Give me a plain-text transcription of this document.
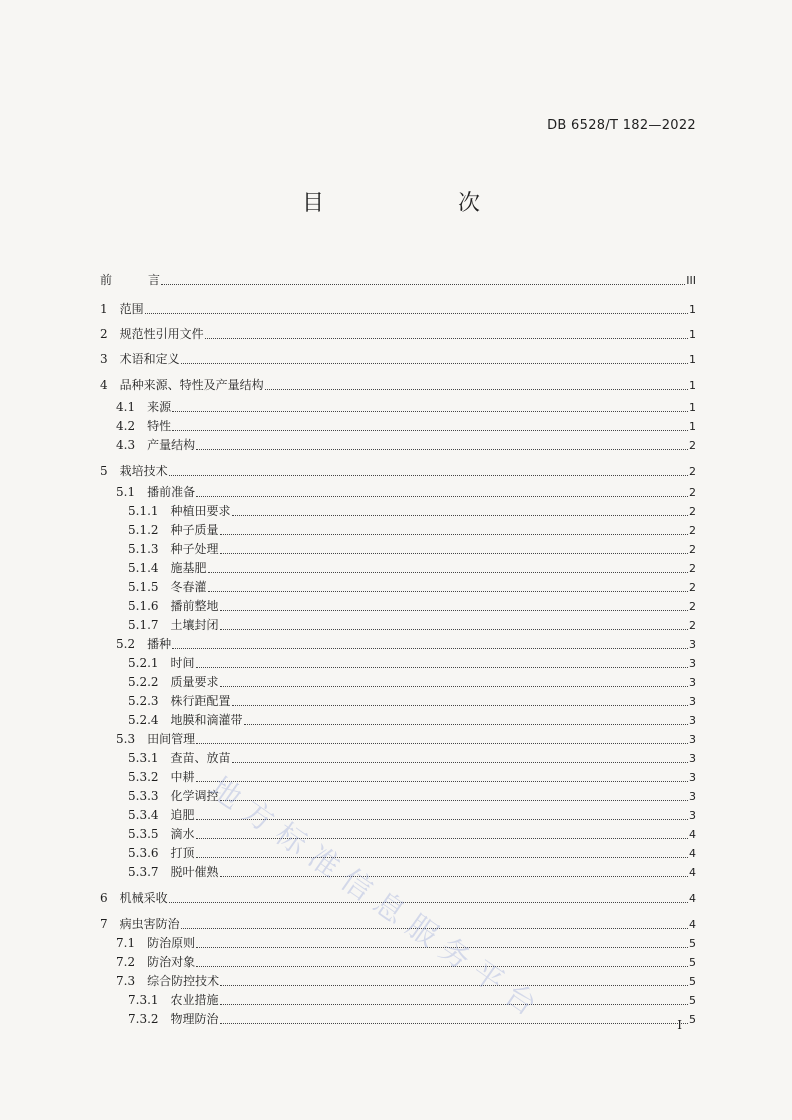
DB 6528/T 182—2022
目　　次
前　　　言	III
1　范围	1
2　规范性引用文件	1
3　术语和定义	1
4　品种来源、特性及产量结构	1
4.1　来源	1
4.2　特性	1
4.3　产量结构	2
5　栽培技术	2
5.1　播前准备	2
5.1.1　种植田要求	2
5.1.2　种子质量	2
5.1.3　种子处理	2
5.1.4　施基肥	2
5.1.5　冬春灌	2
5.1.6　播前整地	2
5.1.7　土壤封闭	2
5.2　播种	3
5.2.1　时间	3
5.2.2　质量要求	3
5.2.3　株行距配置	3
5.2.4　地膜和滴灌带	3
5.3　田间管理	3
5.3.1　查苗、放苗	3
5.3.2　中耕	3
5.3.3　化学调控	3
5.3.4　追肥	3
5.3.5　滴水	4
5.3.6　打顶	4
5.3.7　脱叶催熟	4
6　机械采收	4
7　病虫害防治	4
7.1　防治原则	5
7.2　防治对象	5
7.3　综合防控技术	5
7.3.1　农业措施	5
7.3.2　物理防治	5
I
地方标准信息服务平台
